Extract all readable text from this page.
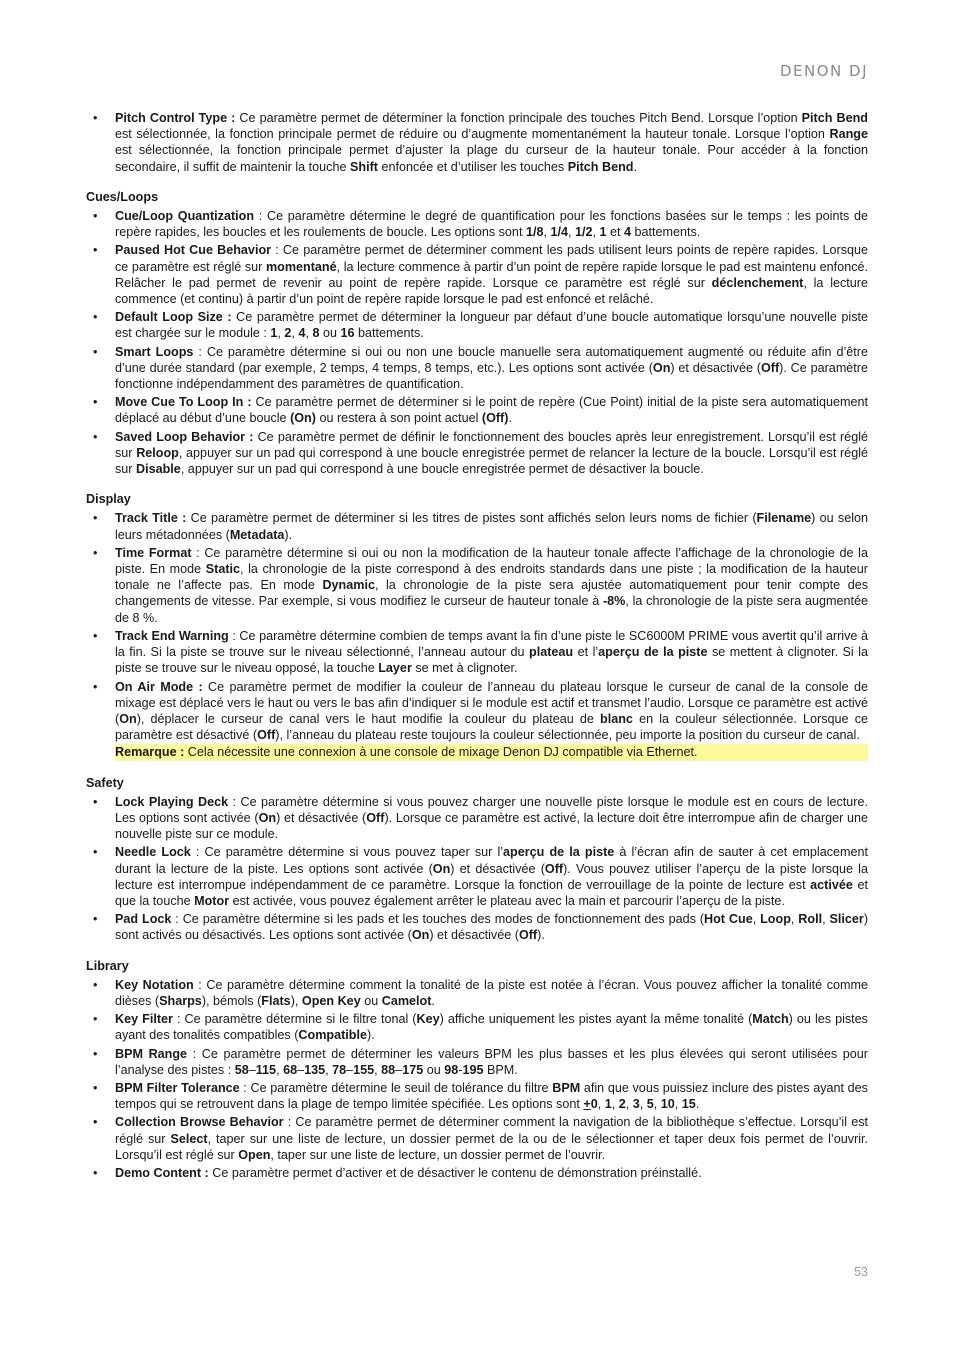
DENON DJ
• Pitch Control Type : Ce paramètre permet de déterminer la fonction principale des touches Pitch Bend. Lorsque l’option Pitch Bend est sélectionnée, la fonction principale permet de réduire ou d’augmente momentanément la hauteur tonale. Lorsque l’option Range est sélectionnée, la fonction principale permet d’ajuster la plage du curseur de la hauteur tonale. Pour accéder à la fonction secondaire, il suffit de maintenir la touche Shift enfoncée et d’utiliser les touches Pitch Bend.
Cues/Loops
• Cue/Loop Quantization : Ce paramètre détermine le degré de quantification pour les fonctions basées sur le temps : les points de repère rapides, les boucles et les roulements de boucle. Les options sont 1/8, 1/4, 1/2, 1 et 4 battements.
• Paused Hot Cue Behavior : Ce paramètre permet de déterminer comment les pads utilisent leurs points de repère rapides. Lorsque ce paramètre est réglé sur momentané, la lecture commence à partir d’un point de repère rapide lorsque le pad est maintenu enfoncé. Relâcher le pad permet de revenir au point de repère rapide. Lorsque ce paramètre est réglé sur déclenchement, la lecture commence (et continu) à partir d’un point de repère rapide lorsque le pad est enfoncé et relâché.
• Default Loop Size : Ce paramètre permet de déterminer la longueur par défaut d’une boucle automatique lorsqu’une nouvelle piste est chargée sur le module : 1, 2, 4, 8 ou 16 battements.
• Smart Loops : Ce paramètre détermine si oui ou non une boucle manuelle sera automatiquement augmenté ou réduite afin d’être d’une durée standard (par exemple, 2 temps, 4 temps, 8 temps, etc.). Les options sont activée (On) et désactivée (Off). Ce paramètre fonctionne indépendamment des paramètres de quantification.
• Move Cue To Loop In : Ce paramètre permet de déterminer si le point de repère (Cue Point) initial de la piste sera automatiquement déplacé au début d’une boucle (On) ou restera à son point actuel (Off).
• Saved Loop Behavior : Ce paramètre permet de définir le fonctionnement des boucles après leur enregistrement. Lorsqu’il est réglé sur Reloop, appuyer sur un pad qui correspond à une boucle enregistrée permet de relancer la lecture de la boucle. Lorsqu’il est réglé sur Disable, appuyer sur un pad qui correspond à une boucle enregistrée permet de désactiver la boucle.
Display
• Track Title : Ce paramètre permet de déterminer si les titres de pistes sont affichés selon leurs noms de fichier (Filename) ou selon leurs métadonnées (Metadata).
• Time Format : Ce paramètre détermine si oui ou non la modification de la hauteur tonale affecte l’affichage de la chronologie de la piste. En mode Static, la chronologie de la piste correspond à des endroits standards dans une piste ; la modification de la hauteur tonale ne l’affecte pas. En mode Dynamic, la chronologie de la piste sera ajustée automatiquement pour tenir compte des changements de vitesse. Par exemple, si vous modifiez le curseur de hauteur tonale à -8%, la chronologie de la piste sera augmentée de 8 %.
• Track End Warning : Ce paramètre détermine combien de temps avant la fin d’une piste le SC6000M PRIME vous avertit qu’il arrive à la fin. Si la piste se trouve sur le niveau sélectionné, l’anneau autour du plateau et l’aperçu de la piste se mettent à clignoter. Si la piste se trouve sur le niveau opposé, la touche Layer se met à clignoter.
• On Air Mode : Ce paramètre permet de modifier la couleur de l’anneau du plateau lorsque le curseur de canal de la console de mixage est déplacé vers le haut ou vers le bas afin d’indiquer si le module est actif et transmet l’audio. Lorsque ce paramètre est activé (On), déplacer le curseur de canal vers le haut modifie la couleur du plateau de blanc en la couleur sélectionnée. Lorsque ce paramètre est désactivé (Off), l’anneau du plateau reste toujours la couleur sélectionnée, peu importe la position du curseur de canal.
Remarque : Cela nécessite une connexion à une console de mixage Denon DJ compatible via Ethernet.
Safety
• Lock Playing Deck : Ce paramètre détermine si vous pouvez charger une nouvelle piste lorsque le module est en cours de lecture. Les options sont activée (On) et désactivée (Off). Lorsque ce paramètre est activé, la lecture doit être interrompue afin de charger une nouvelle piste sur ce module.
• Needle Lock : Ce paramètre détermine si vous pouvez taper sur l’aperçu de la piste à l’écran afin de sauter à cet emplacement durant la lecture de la piste. Les options sont activée (On) et désactivée (Off). Vous pouvez utiliser l’aperçu de la piste lorsque la lecture est interrompue indépendamment de ce paramètre. Lorsque la fonction de verrouillage de la pointe de lecture est activée et que la touche Motor est activée, vous pouvez également arrêter le plateau avec la main et parcourir l’aperçu de la piste.
• Pad Lock : Ce paramètre détermine si les pads et les touches des modes de fonctionnement des pads (Hot Cue, Loop, Roll, Slicer) sont activés ou désactivés. Les options sont activée (On) et désactivée (Off).
Library
• Key Notation : Ce paramètre détermine comment la tonalité de la piste est notée à l’écran. Vous pouvez afficher la tonalité comme dièses (Sharps), bémols (Flats), Open Key ou Camelot.
• Key Filter : Ce paramètre détermine si le filtre tonal (Key) affiche uniquement les pistes ayant la même tonalité (Match) ou les pistes ayant des tonalités compatibles (Compatible).
• BPM Range : Ce paramètre permet de déterminer les valeurs BPM les plus basses et les plus élevées qui seront utilisées pour l’analyse des pistes : 58–115, 68–135, 78–155, 88–175 ou 98-195 BPM.
• BPM Filter Tolerance : Ce paramètre détermine le seuil de tolérance du filtre BPM afin que vous puissiez inclure des pistes ayant des tempos qui se retrouvent dans la plage de tempo limitée spécifiée. Les options sont +0, 1, 2, 3, 5, 10, 15.
• Collection Browse Behavior : Ce paramètre permet de déterminer comment la navigation de la bibliothèque s’effectue. Lorsqu’il est réglé sur Select, taper sur une liste de lecture, un dossier permet de la ou de le sélectionner et taper deux fois permet de l’ouvrir. Lorsqu’il est réglé sur Open, taper sur une liste de lecture, un dossier permet de l’ouvrir.
• Demo Content : Ce paramètre permet d’activer et de désactiver le contenu de démonstration préinstallé.
53
